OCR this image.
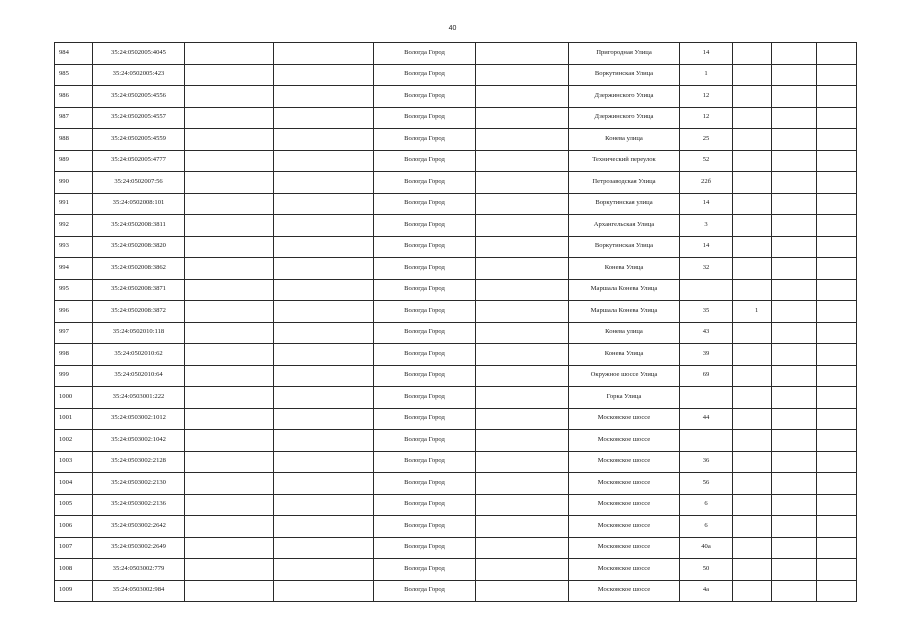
40
984	35:24:0502005:4045			Вологда Город		Пригородная Улица	14			
985	35:24:0502005:423			Вологда Город		Воркутинская Улица	1			
986	35:24:0502005:4556			Вологда Город		Дзержинского Улица	12			
987	35:24:0502005:4557			Вологда Город		Дзержинского Улица	12			
988	35:24:0502005:4559			Вологда Город		Конева улица	25			
989	35:24:0502005:4777			Вологда Город		Технический переулок	52			
990	35:24:0502007:56			Вологда Город		Петрозаводская Улица	22б			
991	35:24:0502008:101			Вологда Город		Воркутинская улица	14			
992	35:24:0502008:3811			Вологда Город		Архангельская Улица	3			
993	35:24:0502008:3820			Вологда Город		Воркутинская Улица	14			
994	35:24:0502008:3862			Вологда Город		Конева Улица	32			
995	35:24:0502008:3871			Вологда Город		Маршала Конева Улица				
996	35:24:0502008:3872			Вологда Город		Маршала Конева Улица	35	1		
997	35:24:0502010:118			Вологда Город		Конева улица	43			
998	35:24:0502010:62			Вологда Город		Конева Улица	39			
999	35:24:0502010:64			Вологда Город		Окружное шоссе Улица	69			
1000	35:24:0503001:222			Вологда Город		Горка Улица				
1001	35:24:0503002:1012			Вологда Город		Московское шоссе	44			
1002	35:24:0503002:1042			Вологда Город		Московское шоссе				
1003	35:24:0503002:2128			Вологда Город		Московское шоссе	36			
1004	35:24:0503002:2130			Вологда Город		Московское шоссе	56			
1005	35:24:0503002:2136			Вологда Город		Московское шоссе	6			
1006	35:24:0503002:2642			Вологда Город		Московское шоссе	6			
1007	35:24:0503002:2649			Вологда Город		Московское шоссе	40а			
1008	35:24:0503002:779			Вологда Город		Московское шоссе	50			
1009	35:24:0503002:984			Вологда Город		Московское шоссе	4а			
